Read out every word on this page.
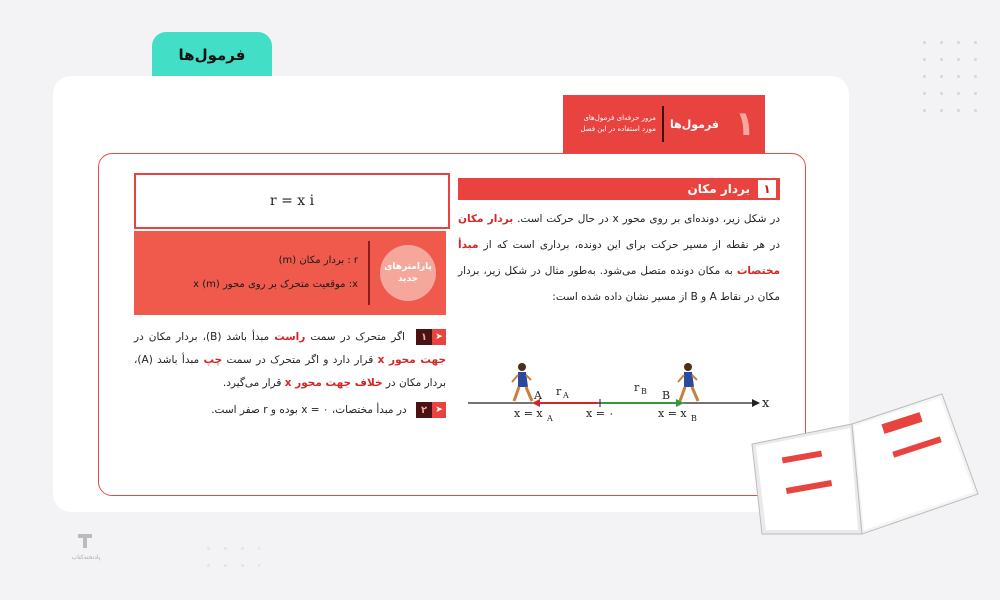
فرمول‌ها
۱
فرمول‌ها
مرور حرفه‌ای فرمول‌های
مورد استفاده در این فصل
۱
بردار مکان
در شکل زیر، دونده‌ای بر روی محور x در حال حرکت است. بردار مکان در هر نقطه از مسیر حرکت برای این دونده، برداری است که از مبدأ مختصات به مکان دونده متصل می‌شود. به‌طور مثال در شکل زیر، بردار مکان در نقاط A و B از مسیر نشان داده شده است:
A	B
r A
r B
x
x = x A	x = ۰	x = x B
r = x i
پارامترهای جدید
r : بردار مکان (m)
x: موقعیت متحرک بر روی محور x (m)
۱ ➤
اگر متحرک در سمت راست مبدأ باشد (B)، بردار مکان در جهت محور x قرار دارد و اگر متحرک در سمت چپ مبدأ باشد (A)، بردار مکان در خلاف جهت محور x قرار می‌گیرد.
۲ ➤
در مبدأ مختصات، x = ۰ بوده و r صفر است.
پادتخته‌کتاب
